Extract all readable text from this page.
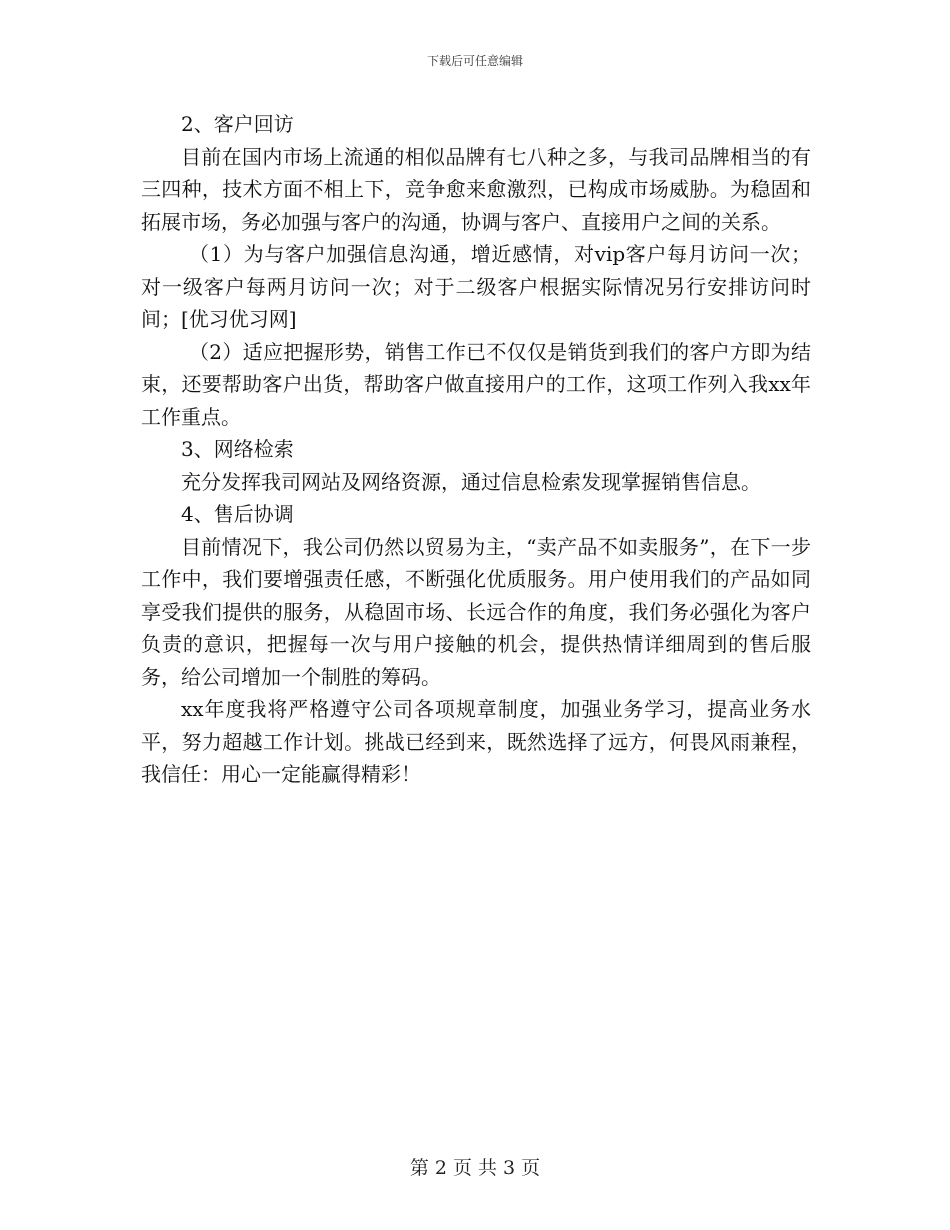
下载后可任意编辑

2、客户回访

目前在国内市场上流通的相似品牌有七八种之多，与我司品牌相当的有三四种，技术方面不相上下，竞争愈来愈激烈，已构成市场威胁。为稳固和拓展市场，务必加强与客户的沟通，协调与客户、直接用户之间的关系。

（1）为与客户加强信息沟通，增近感情，对vip客户每月访问一次；对一级客户每两月访问一次；对于二级客户根据实际情况另行安排访问时间；[优习优习网]

（2）适应把握形势，销售工作已不仅仅是销货到我们的客户方即为结束，还要帮助客户出货，帮助客户做直接用户的工作，这项工作列入我xx年工作重点。

3、网络检索

充分发挥我司网站及网络资源，通过信息检索发现掌握销售信息。

4、售后协调

目前情况下，我公司仍然以贸易为主，“卖产品不如卖服务”，在下一步工作中，我们要增强责任感，不断强化优质服务。用户使用我们的产品如同享受我们提供的服务，从稳固市场、长远合作的角度，我们务必强化为客户负责的意识，把握每一次与用户接触的机会，提供热情详细周到的售后服务，给公司增加一个制胜的筹码。

xx年度我将严格遵守公司各项规章制度，加强业务学习，提高业务水平，努力超越工作计划。挑战已经到来，既然选择了远方，何畏风雨兼程，我信任：用心一定能赢得精彩！

第 2 页 共 3 页
